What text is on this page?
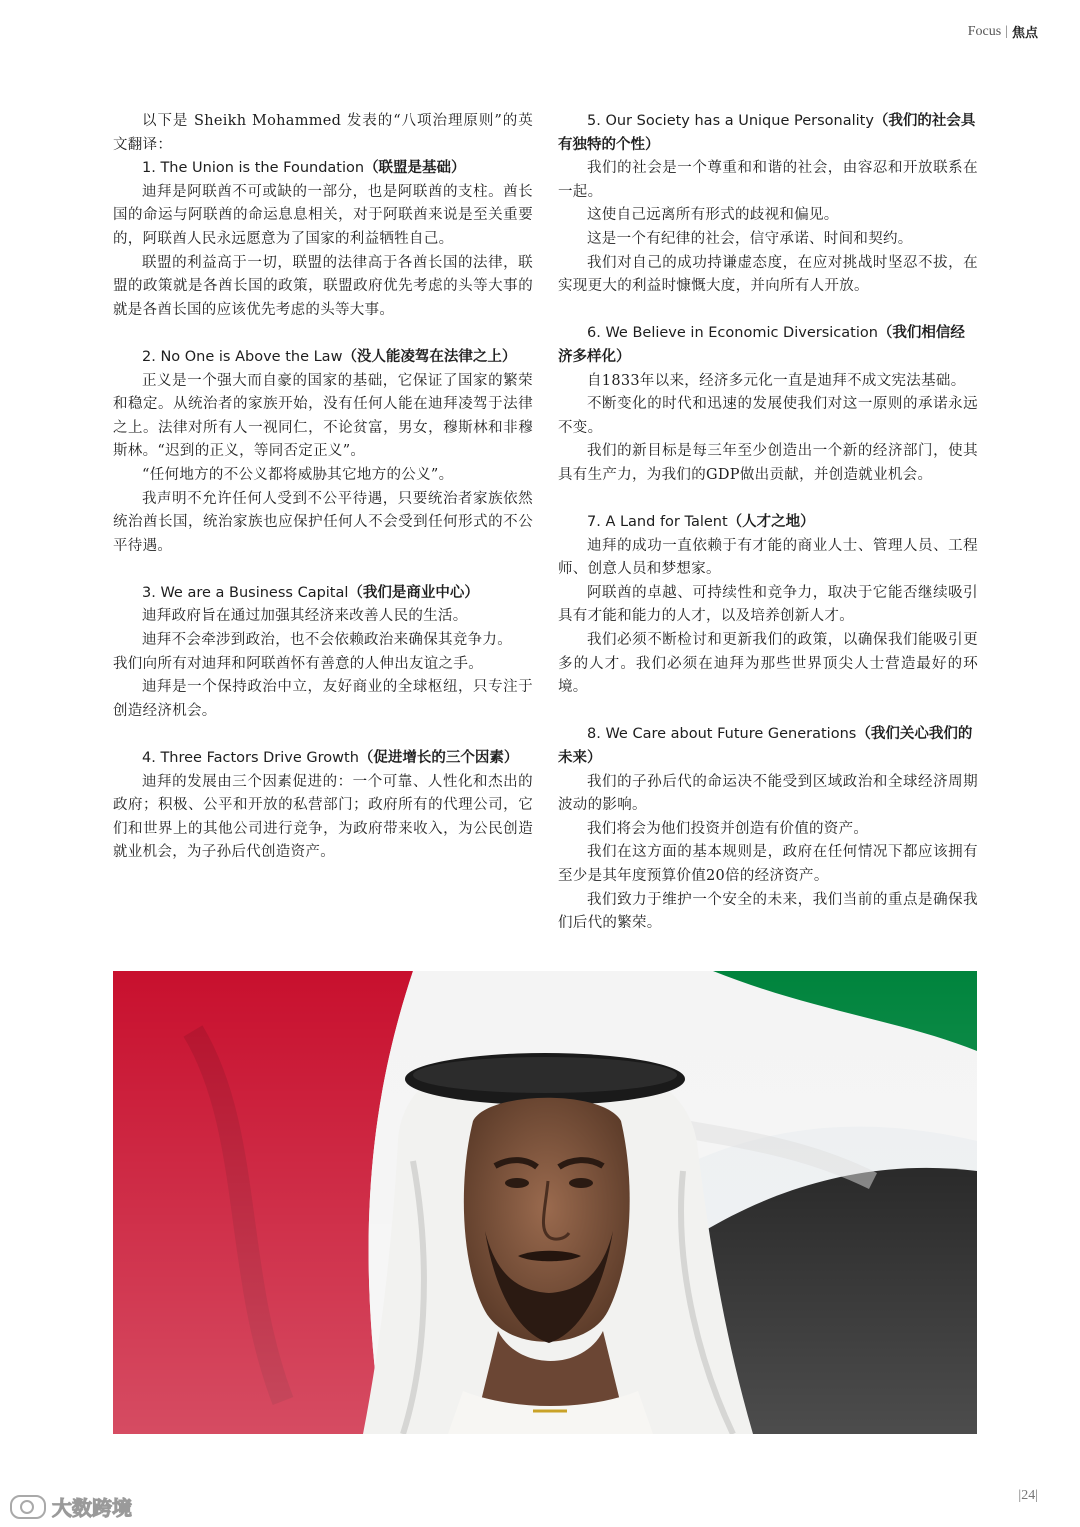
Focus | 焦点

以下是 Sheikh Mohammed 发表的“八项治理原则”的英文翻译：

1. The Union is the Foundation（联盟是基础）

迪拜是阿联酋不可或缺的一部分，也是阿联酋的支柱。酋长国的命运与阿联酋的命运息息相关，对于阿联酋来说是至关重要的，阿联酋人民永远愿意为了国家的利益牺牲自己。

联盟的利益高于一切，联盟的法律高于各酋长国的法律，联盟的政策就是各酋长国的政策，联盟政府优先考虑的头等大事的就是各酋长国的应该优先考虑的头等大事。

2. No One is Above the Law（没人能凌驾在法律之上）

正义是一个强大而自豪的国家的基础，它保证了国家的繁荣和稳定。从统治者的家族开始，没有任何人能在迪拜凌驾于法律之上。法律对所有人一视同仁，不论贫富，男女，穆斯林和非穆斯林。“迟到的正义，等同否定正义”。

“任何地方的不公义都将威胁其它地方的公义”。

我声明不允许任何人受到不公平待遇，只要统治者家族依然统治酋长国，统治家族也应保护任何人不会受到任何形式的不公平待遇。

3. We are a Business Capital（我们是商业中心）

迪拜政府旨在通过加强其经济来改善人民的生活。

迪拜不会牵涉到政治，也不会依赖政治来确保其竞争力。

我们向所有对迪拜和阿联酋怀有善意的人伸出友谊之手。

迪拜是一个保持政治中立，友好商业的全球枢纽，只专注于创造经济机会。

4. Three Factors Drive Growth（促进增长的三个因素）

迪拜的发展由三个因素促进的：一个可靠、人性化和杰出的政府；积极、公平和开放的私营部门；政府所有的代理公司，它们和世界上的其他公司进行竞争，为政府带来收入，为公民创造就业机会，为子孙后代创造资产。

5. Our Society has a Unique Personality（我们的社会具有独特的个性）

我们的社会是一个尊重和和谐的社会，由容忍和开放联系在一起。

这使自己远离所有形式的歧视和偏见。

这是一个有纪律的社会，信守承诺、时间和契约。

我们对自己的成功持谦虚态度，在应对挑战时坚忍不拔，在实现更大的利益时慷慨大度，并向所有人开放。

6. We Believe in Economic Diversication（我们相信经济多样化）

自1833年以来，经济多元化一直是迪拜不成文宪法基础。

不断变化的时代和迅速的发展使我们对这一原则的承诺永远不变。

我们的新目标是每三年至少创造出一个新的经济部门，使其具有生产力，为我们的GDP做出贡献，并创造就业机会。

7. A Land for Talent（人才之地）

迪拜的成功一直依赖于有才能的商业人士、管理人员、工程师、创意人员和梦想家。

阿联酋的卓越、可持续性和竞争力，取决于它能否继续吸引具有才能和能力的人才，以及培养创新人才。

我们必须不断检讨和更新我们的政策，以确保我们能吸引更多的人才。我们必须在迪拜为那些世界顶尖人士营造最好的环境。

8. We Care about Future Generations（我们关心我们的未来）

我们的子孙后代的命运决不能受到区域政治和全球经济周期波动的影响。

我们将会为他们投资并创造有价值的资产。

我们在这方面的基本规则是，政府在任何情况下都应该拥有至少是其年度预算价值20倍的经济资产。

我们致力于维护一个安全的未来，我们当前的重点是确保我们后代的繁荣。

|24|
大数跨境
